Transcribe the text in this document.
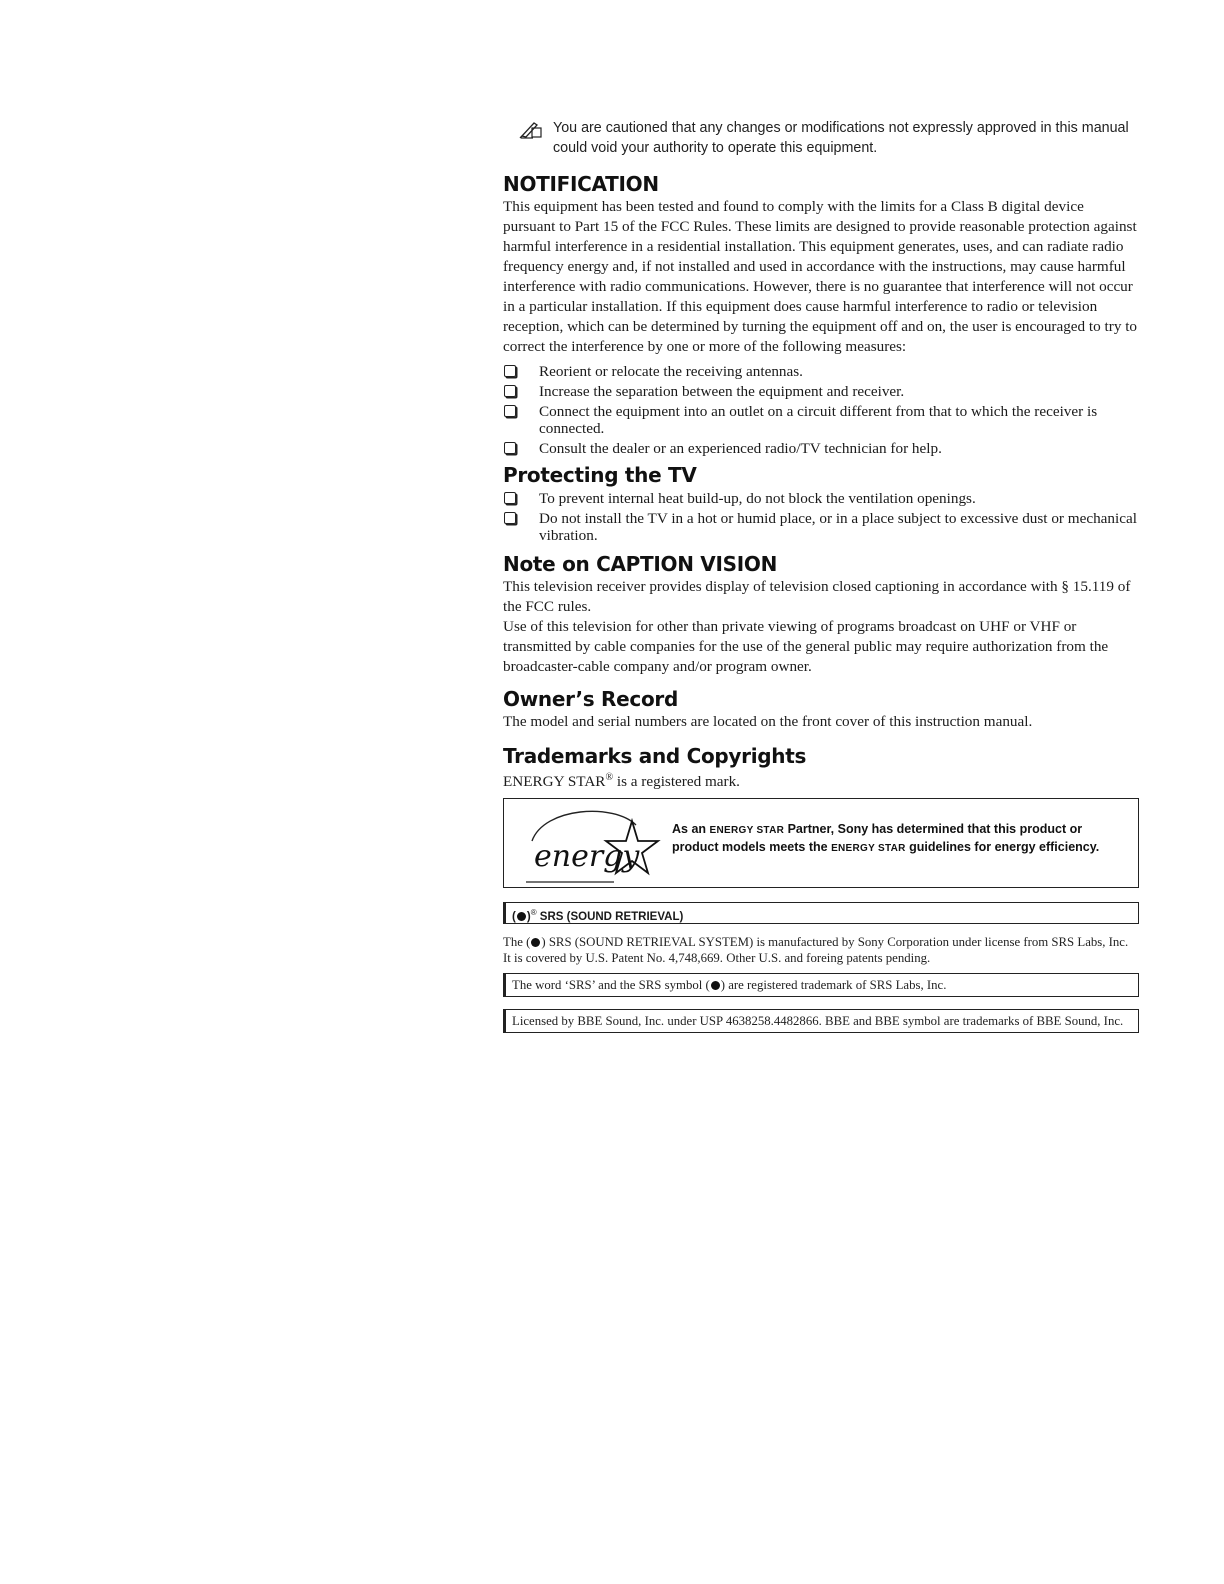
You are cautioned that any changes or modifications not expressly approved in this manual could void your authority to operate this equipment.
NOTIFICATION

This equipment has been tested and found to comply with the limits for a Class B digital device pursuant to Part 15 of the FCC Rules. These limits are designed to provide reasonable protection against harmful interference in a residential installation. This equipment generates, uses, and can radiate radio frequency energy and, if not installed and used in accordance with the instructions, may cause harmful interference with radio communications. However, there is no guarantee that interference will not occur in a particular installation. If this equipment does cause harmful interference to radio or television reception, which can be determined by turning the equipment off and on, the user is encouraged to try to correct the interference by one or more of the following measures:

Reorient or relocate the receiving antennas.
Increase the separation between the equipment and receiver.
Connect the equipment into an outlet on a circuit different from that to which the receiver is connected.
Consult the dealer or an experienced radio/TV technician for help.
Protecting the TV
To prevent internal heat build-up, do not block the ventilation openings.
Do not install the TV in a hot or humid place, or in a place subject to excessive dust or mechanical vibration.
Note on CAPTION VISION

This television receiver provides display of television closed captioning in accordance with § 15.119 of the FCC rules.

Use of this television for other than private viewing of programs broadcast on UHF or VHF or transmitted by cable companies for the use of the general public may require authorization from the broadcaster-cable company and/or program owner.

Owner’s Record

The model and serial numbers are located on the front cover of this instruction manual.

Trademarks and Copyrights

ENERGY STAR® is a registered mark.

energy
As an ENERGY STAR Partner, Sony has determined that this product or product models meets the ENERGY STAR guidelines for energy efficiency.
( )® SRS (SOUND RETRIEVAL)

The ( ) SRS (SOUND RETRIEVAL SYSTEM) is manufactured by Sony Corporation under license from SRS Labs, Inc. It is covered by U.S. Patent No. 4,748,669. Other U.S. and foreing patents pending.

The word ‘SRS’ and the SRS symbol ( ) are registered trademark of SRS Labs, Inc.
Licensed by BBE Sound, Inc. under USP 4638258.4482866. BBE and BBE symbol are trademarks of BBE Sound, Inc.
